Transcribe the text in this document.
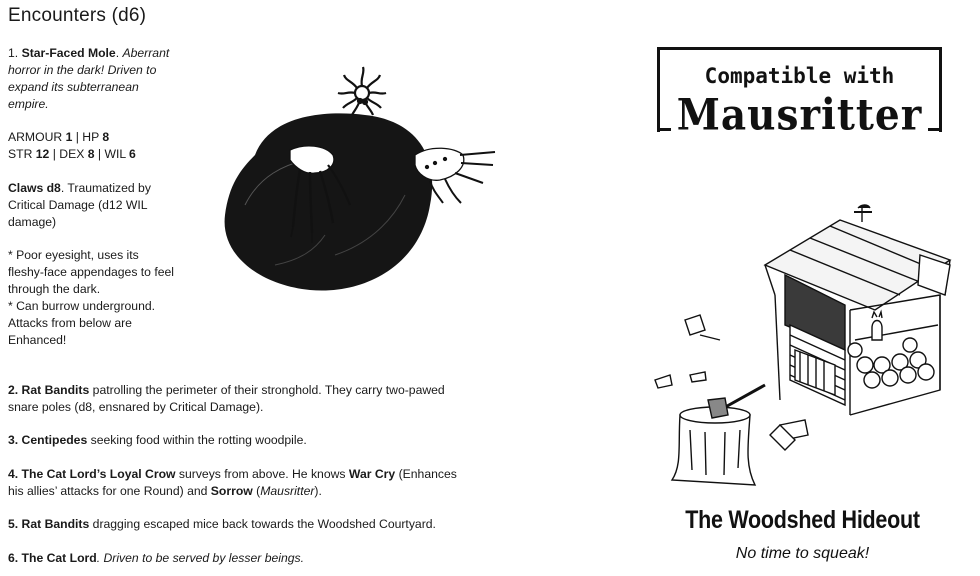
Encounters (d6)
1. Star-Faced Mole. Aberrant
horror in the dark! Driven to
expand its subterranean
empire.
ARMOUR 1 | HP 8
STR 12 | DEX 8 | WIL 6
Claws d8. Traumatized by
Critical Damage (d12 WIL
damage)
* Poor eyesight, uses its
fleshy-face appendages to feel
through the dark.
* Can burrow underground.
Attacks from below are
Enhanced!
2. Rat Bandits patrolling the perimeter of their stronghold. They carry two-pawed
snare poles (d8, ensnared by Critical Damage).
3. Centipedes seeking food within the rotting woodpile.
4. The Cat Lord’s Loyal Crow surveys from above. He knows War Cry (Enhances
his allies’ attacks for one Round) and Sorrow (Mausritter).
5. Rat Bandits dragging escaped mice back towards the Woodshed Courtyard.
6. The Cat Lord. Driven to be served by lesser beings.
Compatible with
Mausritter
The Woodshed Hideout
No time to squeak!
